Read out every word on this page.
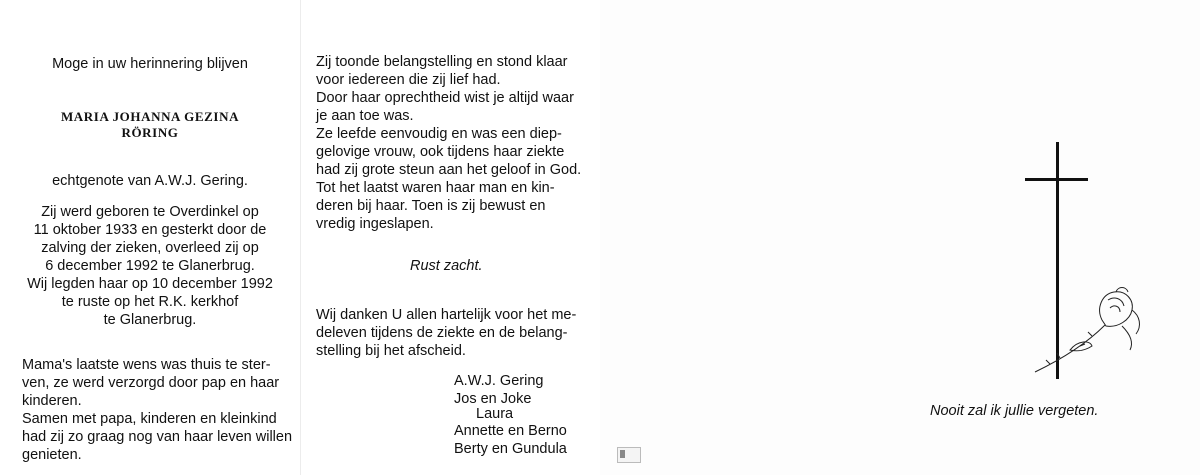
Moge in uw herinnering blijven
MARIA JOHANNA GEZINA
RÖRING
echtgenote van A.W.J. Gering.
Zij werd geboren te Overdinkel op
11 oktober 1933 en gesterkt door de
zalving der zieken, overleed zij op
6 december 1992 te Glanerbrug.
Wij legden haar op 10 december 1992
te ruste op het R.K. kerkhof
te Glanerbrug.
Mama's laatste wens was thuis te ster-
ven, ze werd verzorgd door pap en haar
kinderen.
Samen met papa, kinderen en kleinkind
had zij zo graag nog van haar leven willen
genieten.
Zij toonde belangstelling en stond klaar
voor iedereen die zij lief had.
Door haar oprechtheid wist je altijd waar
je aan toe was.
Ze leefde eenvoudig en was een diep-
gelovige vrouw, ook tijdens haar ziekte
had zij grote steun aan het geloof in God.
Tot het laatst waren haar man en kin-
deren bij haar. Toen is zij bewust en
vredig ingeslapen.
Rust zacht.
Wij danken U allen hartelijk voor het me-
deleven tijdens de ziekte en de belang-
stelling bij het afscheid.
A.W.J. Gering
Jos en Joke
Laura
Annette en Berno
Berty en Gundula
Nooit zal ik jullie vergeten.
